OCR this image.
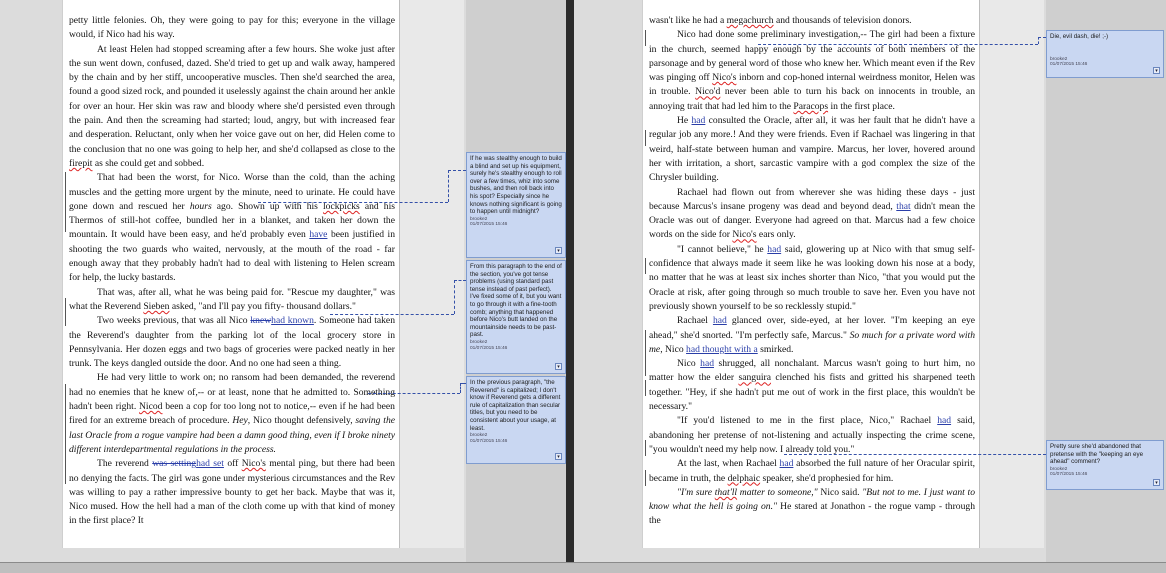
petty little felonies. Oh, they were going to pay for this; everyone in the village would, if Nico had his way.

At least Helen had stopped screaming after a few hours. She woke just after the sun went down, confused, dazed. She'd tried to get up and walk away, hampered by the chain and by her stiff, uncooperative muscles. Then she'd searched the area, found a good sized rock, and pounded it uselessly against the chain around her ankle for over an hour. Her skin was raw and bloody where she'd persisted even through the pain. And then the screaming had started; loud, angry, but with increased fear and desperation. Reluctant, only when her voice gave out on her, did Helen come to the conclusion that no one was going to help her, and she'd collapsed as close to the firepit as she could get and sobbed.

That had been the worst, for Nico. Worse than the cold, than the aching muscles and the getting more urgent by the minute, need to urinate. He could have gone down and rescued her hours ago. Shown up with his lockpicks and his Thermos of still-hot coffee, bundled her in a blanket, and taken her down the mountain. It would have been easy, and he'd probably even have been justified in shooting the two guards who waited, nervously, at the mouth of the road - far enough away that they probably hadn't had to deal with listening to Helen scream for help, the lucky bastards.

That was, after all, what he was being paid for. "Rescue my daughter," was what the Reverend Sieben asked, "and I'll pay you fifty- thousand dollars."

Two weeks previous, that was all Nico knewhad known. Someone had taken the Reverend's daughter from the parking lot of the local grocery store in Pennsylvania. Her dozen eggs and two bags of groceries were packed neatly in her trunk. The keys dangled outside the door. And no one had seen a thing.

He had very little to work on; no ransom had been demanded, the reverend had no enemies that he knew of,-- or at least, none that he admitted to. Something hadn't been right. Nicod been a cop for too long not to notice,-- even if he had been fired for an extreme breach of procedure. Hey, Nico thought defensively, saving the last Oracle from a rogue vampire had been a damn good thing, even if I broke ninety different interdepartmental regulations in the process.

The reverend was settinghad set off Nico's mental ping, but there had been no denying the facts. The girl was gone under mysterious circumstances and the Rev was willing to pay a rather impressive bounty to get her back. Maybe that was it, Nico mused. How the hell had a man of the cloth come up with that kind of money in the first place? It

If he was stealthy enough to build a blind and set up his equipment, surely he's stealthy enough to roll over a few times, whiz into some bushes, and then roll back into his spot? Especially since he knows nothing significant is going to happen until midnight?
brooke2
01/07/2015 15:46
▾
From this paragraph to the end of the section, you've got tense problems (using standard past tense instead of past perfect). I've fixed some of it, but you want to go through it with a fine-tooth comb; anything that happened before Nico's butt landed on the mountainside needs to be past-past.
brooke2
01/07/2015 15:46
▾
In the previous paragraph, "the Reverend" is capitalized; I don't know if Reverend gets a different rule of capitalization than secular titles, but you need to be consistent about your usage, at least.
brooke2
01/07/2015 15:46
▾

wasn't like he had a megachurch and thousands of television donors.

Nico had done some preliminary investigation,-- The girl had been a fixture in the church, seemed happy enough by the accounts of both members of the parsonage and by general word of those who knew her. Which meant even if the Rev was pinging off Nico's inborn and cop-honed internal weirdness monitor, Helen was in trouble. Nico'd never been able to turn his back on innocents in trouble, an annoying trait that had led him to the Paracops in the first place.

He had consulted the Oracle, after all, it was her fault that he didn't have a regular job any more.! And they were friends. Even if Rachael was lingering in that weird, half-state between human and vampire. Marcus, her lover, hovered around her with irritation, a short, sarcastic vampire with a god complex the size of the Chrysler building.

Rachael had flown out from wherever she was hiding these days - just because Marcus's insane progeny was dead and beyond dead, that didn't mean the Oracle was out of danger. Everyone had agreed on that. Marcus had a few choice words on the side for Nico's ears only.

"I cannot believe," he had said, glowering up at Nico with that smug self-confidence that always made it seem like he was looking down his nose at a body, no matter that he was at least six inches shorter than Nico, "that you would put the Oracle at risk, after going through so much trouble to save her. Even you have not previously shown yourself to be so recklessly stupid."

Rachael had glanced over, side-eyed, at her lover. "I'm keeping an eye ahead," she'd snorted. "I'm perfectly safe, Marcus." So much for a private word with me, Nico had thought with a smirked.

Nico had shrugged, all nonchalant. Marcus wasn't going to hurt him, no matter how the elder sanguira clenched his fists and gritted his sharpened teeth together. "Hey, if she hadn't put me out of work in the first place, this wouldn't be necessary."

"If you'd listened to me in the first place, Nico," Rachael had said, abandoning her pretense of not-listening and actually inspecting the crime scene, "you wouldn't need my help now. I already told you."

At the last, when Rachael had absorbed the full nature of her Oracular spirit, became in truth, the delphaic speaker, she'd prophesied for him.

"I'm sure that'll matter to someone," Nico said. "But not to me. I just want to know what the hell is going on." He stared at Jonathon - the rogue vamp - through the

Die, evil dash, die! ;-)
brooke2
01/07/2015 15:46
▾
Pretty sure she'd abandoned that pretense with the "keeping an eye ahead" comment?
brooke2
01/07/2015 15:46
▾
